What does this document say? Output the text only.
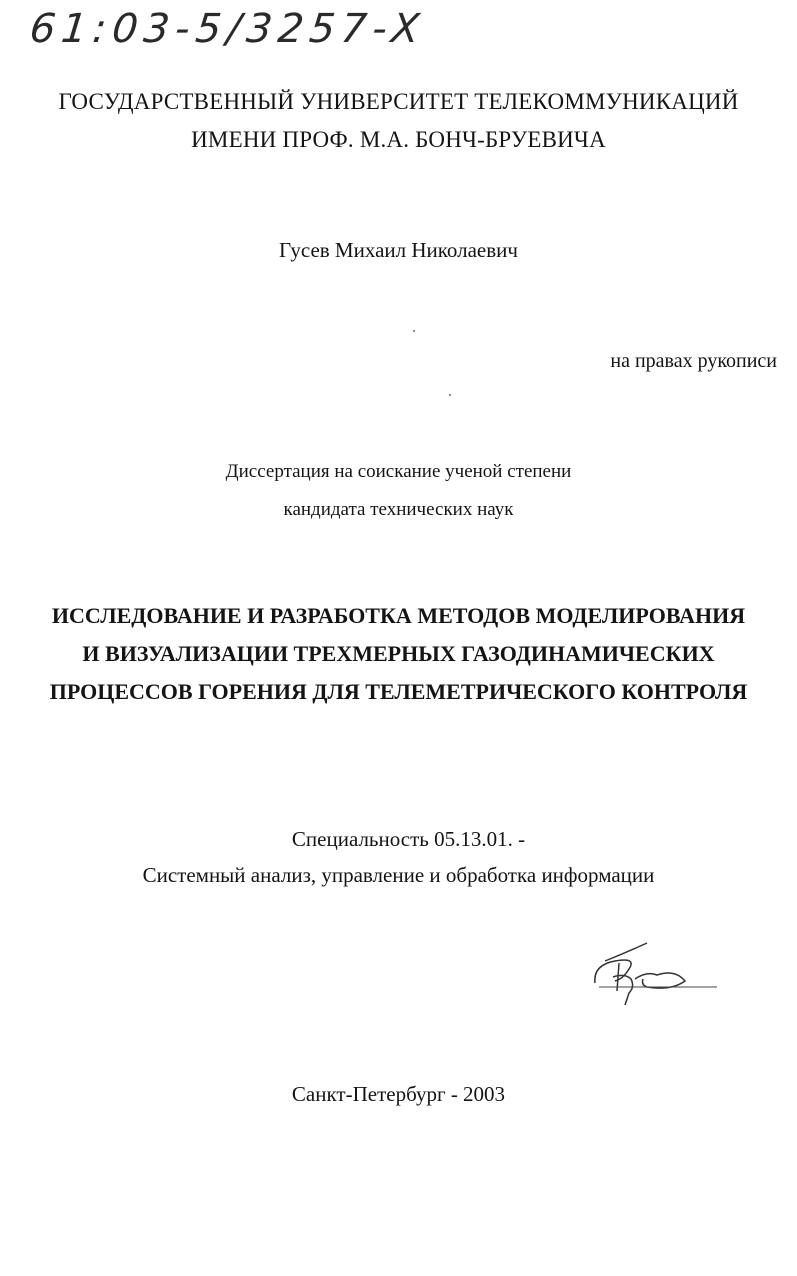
61:03-5/3257-X
ГОСУДАРСТВЕННЫЙ УНИВЕРСИТЕТ ТЕЛЕКОММУНИКАЦИЙ
ИМЕНИ ПРОФ. М.А. БОНЧ-БРУЕВИЧА
Гусев Михаил Николаевич
на правах рукописи
Диссертация на соискание ученой степени
кандидата технических наук
ИССЛЕДОВАНИЕ И РАЗРАБОТКА МЕТОДОВ МОДЕЛИРОВАНИЯ
И ВИЗУАЛИЗАЦИИ ТРЕХМЕРНЫХ ГАЗОДИНАМИЧЕСКИХ
ПРОЦЕССОВ ГОРЕНИЯ ДЛЯ ТЕЛЕМЕТРИЧЕСКОГО КОНТРОЛЯ
Специальность 05.13.01. -
Системный анализ, управление и обработка информации
Санкт-Петербург - 2003
